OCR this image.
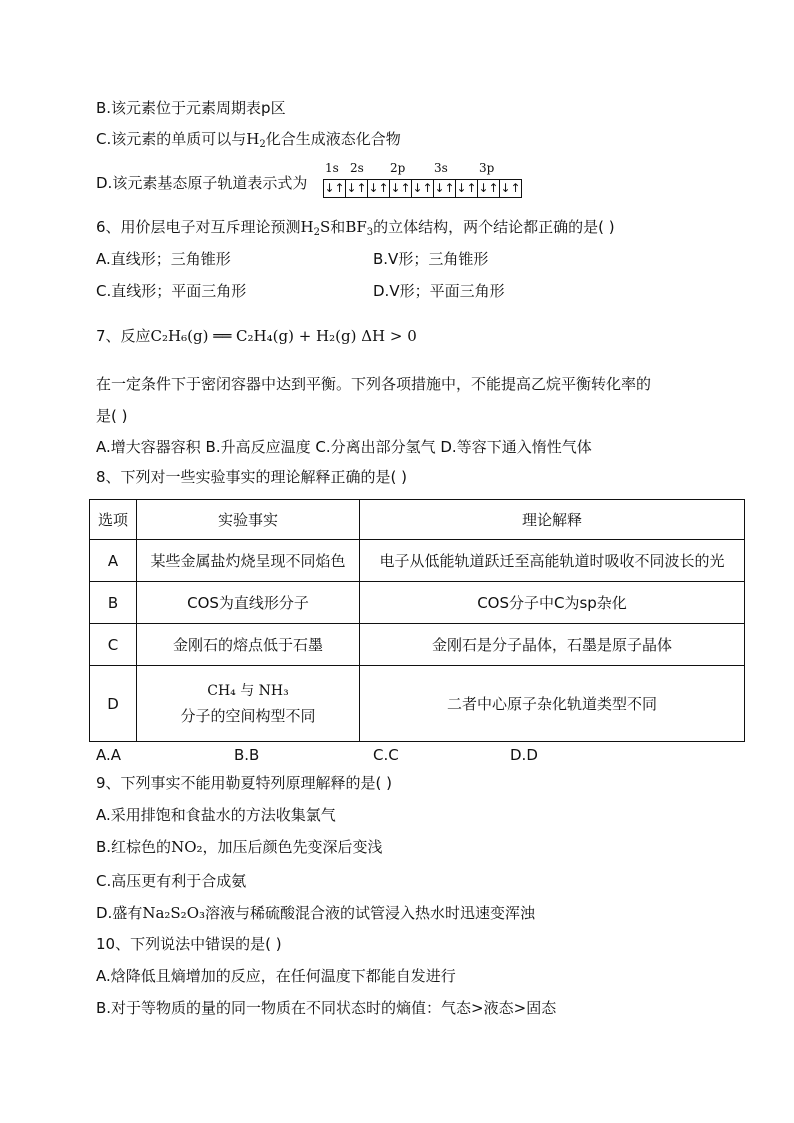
B.该元素位于元素周期表p区
C.该元素的单质可以与$H_2$化合生成液态化合物
D.该元素基态原子轨道表示式为
1s 2s 2p 3s	3p
↓↑ ↓↑ ↓↑ ↓↑ ↓↑ ↓↑ ↓↑ ↓↑ ↓↑
6、用价层电子对互斥理论预测$H_2S$和$BF_3$的立体结构，两个结论都正确的是( )
A.直线形；三角锥形	B.V形；三角锥形
C.直线形；平面三角形	D.V形；平面三角形
7、反应C₂H₆(g) ══ C₂H₄(g) + H₂(g) ΔH > 0
在一定条件下于密闭容器中达到平衡。下列各项措施中，不能提高乙烷平衡转化率的
是( )
A.增大容器容积 B.升高反应温度 C.分离出部分氢气 D.等容下通入惰性气体
8、下列对一些实验事实的理论解释正确的是( )
选项	实验事实	理论解释
A	某些金属盐灼烧呈现不同焰色	电子从低能轨道跃迁至高能轨道时吸收不同波长的光
B	COS为直线形分子	COS分子中C为sp杂化
C	金刚石的熔点低于石墨	金刚石是分子晶体，石墨是原子晶体
D	CH₄ 与 NH₃
分子的空间构型不同	二者中心原子杂化轨道类型不同
A.A	B.B	C.C	D.D
9、下列事实不能用勒夏特列原理解释的是( )
A.采用排饱和食盐水的方法收集氯气
B.红棕色的NO₂，加压后颜色先变深后变浅
C.高压更有利于合成氨
D.盛有Na₂S₂O₃溶液与稀硫酸混合液的试管浸入热水时迅速变浑浊
10、下列说法中错误的是( )
A.焓降低且熵增加的反应，在任何温度下都能自发进行
B.对于等物质的量的同一物质在不同状态时的熵值：气态>液态>固态
